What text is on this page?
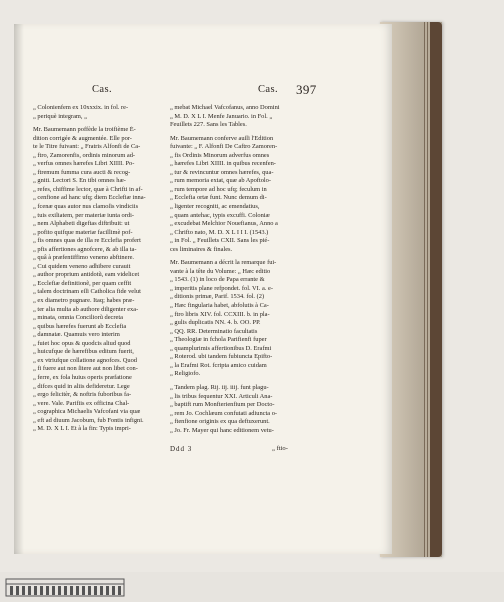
Cas.	Cas. 397
„ Colonienfem ex 10xxxix. in fol. re-
„ periquè integram, „
Mr. Baumemann poffède la troifième É-
dition corrigée & augmentée. Elle por-
te le Titre fuivant: „ Fratris Alfonfi de Ca-
„ ftro, Zamorenfis, ordinis minorum ad-
„ verfus omnes hærefes Libri XIIII. Po-
„ ftremum fumma cura aucti & recog-
„ gniti. Lectori S. En tibi omnes hæ-
„ refes, chiffime lector, quæ à Chrifti in af-
„ cenfione ad hanc ufq; diem Ecclefiæ inna-
„ fcenæ quas autor nus clamoſis vindiciis
„ tuis exiliatem, per materiæ iunta ordi-
„ nem Alphabeti digeftas diftribuit: ut
„ pofito quifque materiæ facillimè pof-
„ fis omnes quas de illa re Ecclefia profert
„ pfis affertiones agnofcere, & ab illa ta-
„ quâ à præfentiffimo veneno abftinere.
„ Cui quidem veneno adhibere curauit
„ author proprium antidotũ, eam videlicet
„ Ecclefiæ definitionẽ, per quam ceffit
„ talem doctrinam eſſi Catholica fide velut
„ ex diametro pugnare. Itaq; habes præ-
„ ter alia multa ab authore diligenter exa-
„ minata, omnia Conciliorũ decreta
„ quibus hærefes fuerunt ab Ecclefia
„ damnatæ. Quamuis vero interim
„ fuiet hoc opus & quodcis aliud quod
„ huicufque de hærefibus editum fuerit,
„ ex vtriufque collatione agnofces. Quod
„ fi fuere aut non ſitere aut non libet con-
„ ferre, ex fola huius operis præfatione
„ difces quid in aliis defideretur. Lege
„ ergo felicitèr, & noftris fuboribus fa-
„ vere. Vale. Parifiis ex officina Chal-
„ cographica Michaelis Vafcofani via quæ
„ eft ad diuum Jacobum, fub Fontis infigni.
„ M. D. X L I. Et à la fin: Typis impri-
„ mebat Michael Vafcofanus, anno Domini
„ M. D. X L I. Menfe Januario. in Fol. „
Feuillets 227. Sans les Tables.
Mr. Baumemann conferve auſſi l'Edition
fuivante: „ F. Alfonfi De Caftro Zamoren-
„ fis Ordinis Minorum adverfus omnes
„ hærefes Libri XIIII. in quibus recenfen-
„ tur & revincuntur omnes hærefes, qua-
„ rum memoria extat, quæ ab Apoftolo-
„ rum tempore ad hoc ufq; feculum in
„ Ecclefia ortæ funt. Nunc demum di-
„ ligenter recogniti, ac emendatius,
„ quam antehac, typis excuffi. Coloniæ
„ excudebat Melchior Nouefianus, Anno a
„ Chrifto nato, M. D. X L I I I. (1543.)
„ in Fol. „ Feuillets CXII. Sans les pié-
ces liminaires & finales.
Mr. Baumemann a décrit la remarque fui-
vante à la tête du Volume: „ Hæc editio
„ 1543. (1) in loco de Papa errante &
„ imperitis plane refpondet. fol. VI. a. e-
„ ditionis primæ, Parif. 1534. fol. (2)
„ Hæc fingularia habet, abfolutis à Ca-
„ ftro libris XIV. fol. CCXIII. b. in pla-
„ gulis duplicatis NN. 4. b. OO. PP.
„ QQ. RR. Determinatio facultatis
„ Theologiæ in fchola Parifienfi fuper
„ quamplurimis affertionibus D. Erafmi
„ Roterod. ubi tandem fubiuncta Epifto-
„ la Erafmi Rot. fcripta amico cuidam
„ Religiofo.
„ Tandem plag. Rij. iij. iiij. funt plagu-
„ lis tribus fequentur XXI. Articuli Ana-
„ baptift rum Monfterienfium per Docto-
„ rem Jo. Cochlæum confutati adiuncta o-
„ ftenfione originis ex qua deftuxerunt.
„ Jo. Fr. Mayer qui hanc editionem vetu-
Ddd 3	„ ftio-
